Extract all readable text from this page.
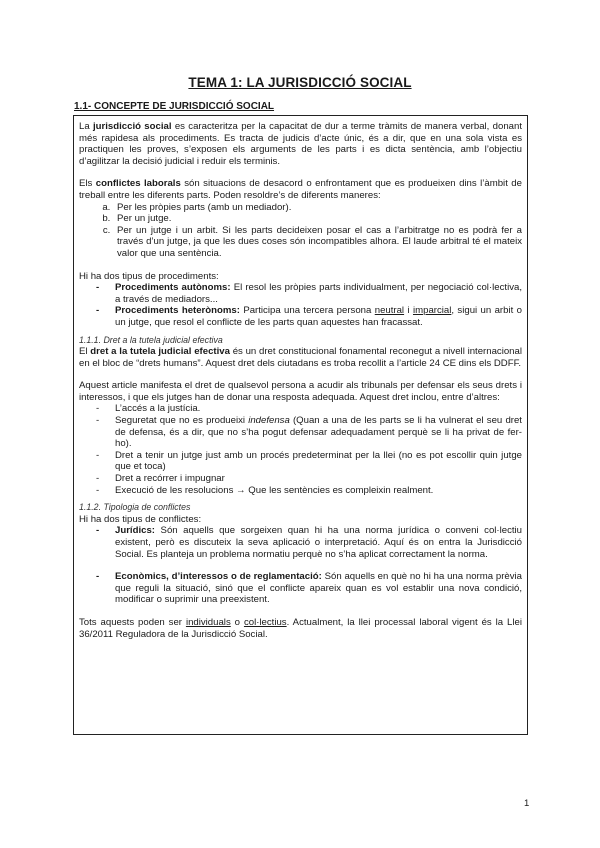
TEMA 1: LA JURISDICCIÓ SOCIAL
1.1- CONCEPTE DE JURISDICCIÓ SOCIAL

La jurisdicció social es caracteritza per la capacitat de dur a terme tràmits de manera verbal, donant més rapidesa als procediments. Es tracta de judicis d’acte únic, és a dir, que en una sola vista es practiquen les proves, s’exposen els arguments de les parts i es dicta sentència, amb l’objectiu d’agilitzar la decisió judicial i reduir els terminis.

Els conflictes laborals són situacions de desacord o enfrontament que es produeixen dins l’àmbit de treball entre les diferents parts. Poden resoldre’s de diferents maneres:

a. Per les pròpies parts (amb un mediador).
b. Per un jutge.
c. Per un jutge i un arbit. Si les parts decideixen posar el cas a l’arbitratge no es podrà fer a través d’un jutge, ja que les dues coses són incompatibles alhora. El laude arbitral té el mateix valor que una sentència.

Hi ha dos tipus de procediments:

- Procediments autònoms: El resol les pròpies parts individualment, per negociació col·lectiva, a través de mediadors...
- Procediments heterònoms: Participa una tercera persona neutral i imparcial, sigui un arbit o un jutge, que resol el conflicte de les parts quan aquestes han fracassat.

1.1.1. Dret a la tutela judicial efectiva

El dret a la tutela judicial efectiva és un dret constitucional fonamental reconegut a nivell internacional en el bloc de “drets humans”. Aquest dret dels ciutadans es troba recollit a l’article 24 CE dins els DDFF.

Aquest article manifesta el dret de qualsevol persona a acudir als tribunals per defensar els seus drets i interessos, i que els jutges han de donar una resposta adequada. Aquest dret inclou, entre d’altres:

- L’accés a la justícia.
- Seguretat que no es produeixi indefensa (Quan a una de les parts se li ha vulnerat el seu dret de defensa, és a dir, que no s’ha pogut defensar adequadament perquè se li ha privat de fer-ho).
- Dret a tenir un jutge just amb un procés predeterminat per la llei (no es pot escollir quin jutge que et toca)
- Dret a recórrer i impugnar
- Execució de les resolucions → Que les sentències es compleixin realment.

1.1.2. Tipologia de conflictes

Hi ha dos tipus de conflictes:

- Jurídics: Són aquells que sorgeixen quan hi ha una norma jurídica o conveni col·lectiu existent, però es discuteix la seva aplicació o interpretació. Aquí és on entra la Jurisdicció Social. Es planteja un problema normatiu perquè no s’ha aplicat correctament la norma.
- Econòmics, d’interessos o de reglamentació: Són aquells en què no hi ha una norma prèvia que reguli la situació, sinó que el conflicte apareix quan es vol establir una nova condició, modificar o suprimir una preexistent.

Tots aquests poden ser individuals o col·lectius. Actualment, la llei processal laboral vigent és la Llei 36/2011 Reguladora de la Jurisdicció Social.

1
